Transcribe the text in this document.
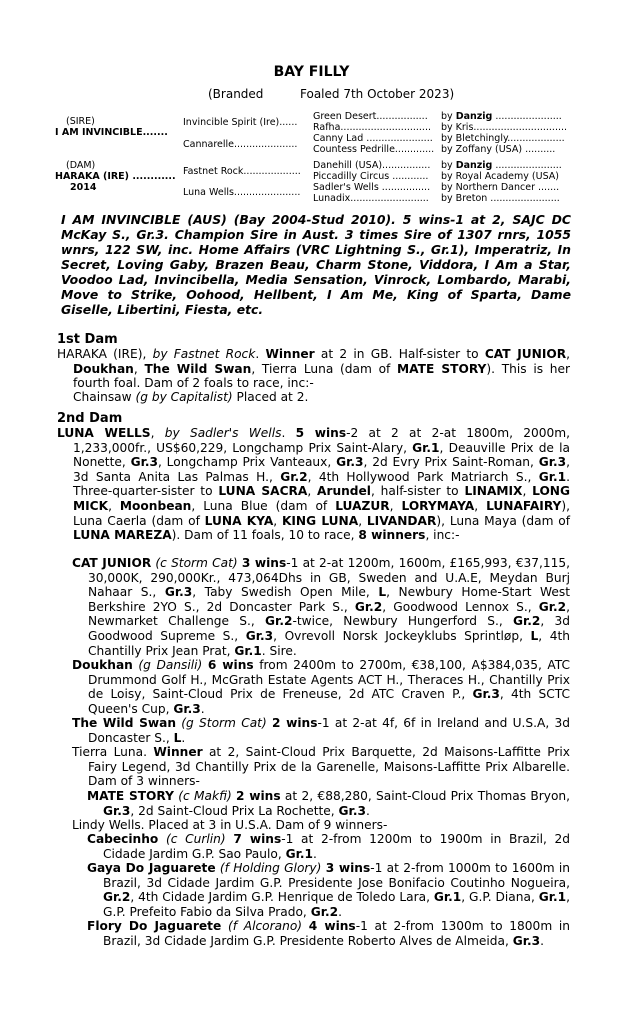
BAY FILLY
(Branded	Foaled 7th October 2023)
(SIRE)
I AM INVINCIBLE.......
Invincible Spirit (Ire)......
Cannarelle.....................
(DAM)
HARAKA (IRE) ............
2014
Fastnet Rock...................
Luna Wells......................
Green Desert................. by Danzig ......................
Rafha.............................. by Kris...............................
Canny Lad ...................... by Bletchingly...................
Countess Pedrille............. by Zoffany (USA) ..........
Danehill (USA)................ by Danzig ......................
Piccadilly Circus ............ by Royal Academy (USA)
Sadler's Wells ................ by Northern Dancer .......
Lunadix.......................... by Breton .......................
I AM INVINCIBLE (AUS) (Bay 2004-Stud 2010). 5 wins-1 at 2, SAJC DC McKay S., Gr.3. Champion Sire in Aust. 3 times Sire of 1307 rnrs, 1055 wnrs, 122 SW, inc. Home Affairs (VRC Lightning S., Gr.1), Imperatriz, In Secret, Loving Gaby, Brazen Beau, Charm Stone, Viddora, I Am a Star, Voodoo Lad, Invincibella, Media Sensation, Vinrock, Lombardo, Marabi, Move to Strike, Oohood, Hellbent, I Am Me, King of Sparta, Dame Giselle, Libertini, Fiesta, etc.
1st Dam
HARAKA (IRE), by Fastnet Rock. Winner at 2 in GB. Half-sister to CAT JUNIOR, Doukhan, The Wild Swan, Tierra Luna (dam of MATE STORY). This is her fourth foal. Dam of 2 foals to race, inc:-
Chainsaw (g by Capitalist) Placed at 2.
2nd Dam
LUNA WELLS, by Sadler's Wells. 5 wins-2 at 2 at 2-at 1800m, 2000m, 1,233,000fr., US$60,229, Longchamp Prix Saint-Alary, Gr.1, Deauville Prix de la Nonette, Gr.3, Longchamp Prix Vanteaux, Gr.3, 2d Evry Prix Saint-Roman, Gr.3, 3d Santa Anita Las Palmas H., Gr.2, 4th Hollywood Park Matriarch S., Gr.1. Three-quarter-sister to LUNA SACRA, Arundel, half-sister to LINAMIX, LONG MICK, Moonbean, Luna Blue (dam of LUAZUR, LORYMAYA, LUNAFAIRY), Luna Caerla (dam of LUNA KYA, KING LUNA, LIVANDAR), Luna Maya (dam of LUNA MAREZA). Dam of 11 foals, 10 to race, 8 winners, inc:-
CAT JUNIOR (c Storm Cat) 3 wins-1 at 2-at 1200m, 1600m, £165,993, €37,115, 30,000K, 290,000Kr., 473,064Dhs in GB, Sweden and U.A.E, Meydan Burj Nahaar S., Gr.3, Taby Swedish Open Mile, L, Newbury Home-Start West Berkshire 2YO S., 2d Doncaster Park S., Gr.2, Goodwood Lennox S., Gr.2, Newmarket Challenge S., Gr.2-twice, Newbury Hungerford S., Gr.2, 3d Goodwood Supreme S., Gr.3, Ovrevoll Norsk Jockeyklubs Sprintløp, L, 4th Chantilly Prix Jean Prat, Gr.1. Sire.
Doukhan (g Dansili) 6 wins from 2400m to 2700m, €38,100, A$384,035, ATC Drummond Golf H., McGrath Estate Agents ACT H., Theraces H., Chantilly Prix de Loisy, Saint-Cloud Prix de Freneuse, 2d ATC Craven P., Gr.3, 4th SCTC Queen's Cup, Gr.3.
The Wild Swan (g Storm Cat) 2 wins-1 at 2-at 4f, 6f in Ireland and U.S.A, 3d Doncaster S., L.
Tierra Luna. Winner at 2, Saint-Cloud Prix Barquette, 2d Maisons-Laffitte Prix Fairy Legend, 3d Chantilly Prix de la Garenelle, Maisons-Laffitte Prix Albarelle. Dam of 3 winners-
MATE STORY (c Makfi) 2 wins at 2, €88,280, Saint-Cloud Prix Thomas Bryon, Gr.3, 2d Saint-Cloud Prix La Rochette, Gr.3.
Lindy Wells. Placed at 3 in U.S.A. Dam of 9 winners-
Cabecinho (c Curlin) 7 wins-1 at 2-from 1200m to 1900m in Brazil, 2d Cidade Jardim G.P. Sao Paulo, Gr.1.
Gaya Do Jaguarete (f Holding Glory) 3 wins-1 at 2-from 1000m to 1600m in Brazil, 3d Cidade Jardim G.P. Presidente Jose Bonifacio Coutinho Nogueira, Gr.2, 4th Cidade Jardim G.P. Henrique de Toledo Lara, Gr.1, G.P. Diana, Gr.1, G.P. Prefeito Fabio da Silva Prado, Gr.2.
Flory Do Jaguarete (f Alcorano) 4 wins-1 at 2-from 1300m to 1800m in Brazil, 3d Cidade Jardim G.P. Presidente Roberto Alves de Almeida, Gr.3.
